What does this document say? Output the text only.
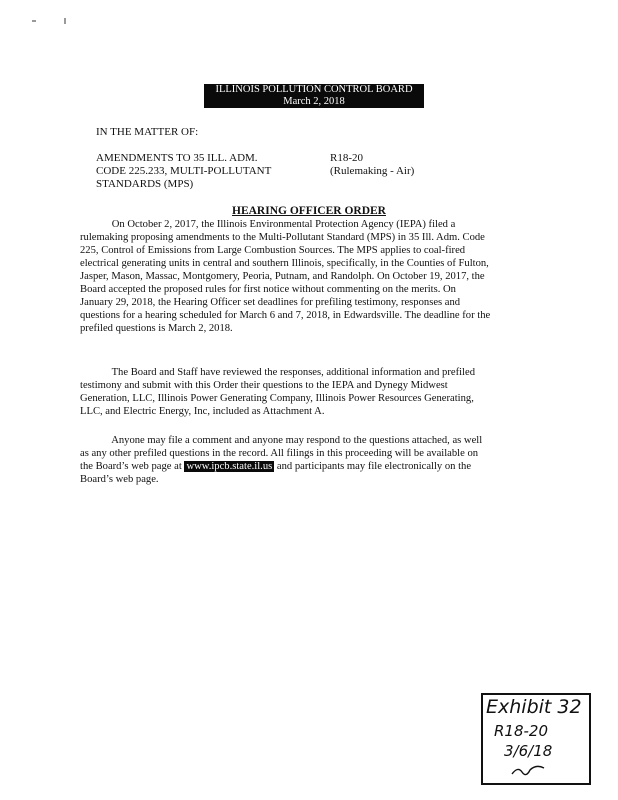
ILLINOIS POLLUTION CONTROL BOARD
March 2, 2018
IN THE MATTER OF:
AMENDMENTS TO 35 ILL. ADM.
CODE 225.233, MULTI-POLLUTANT
STANDARDS (MPS)
R18-20
(Rulemaking - Air)
HEARING OFFICER ORDER
On October 2, 2017, the Illinois Environmental Protection Agency (IEPA) filed a
rulemaking proposing amendments to the Multi-Pollutant Standard (MPS) in 35 Ill. Adm. Code
225, Control of Emissions from Large Combustion Sources. The MPS applies to coal-fired
electrical generating units in central and southern Illinois, specifically, in the Counties of Fulton,
Jasper, Mason, Massac, Montgomery, Peoria, Putnam, and Randolph. On October 19, 2017, the
Board accepted the proposed rules for first notice without commenting on the merits. On
January 29, 2018, the Hearing Officer set deadlines for prefiling testimony, responses and
questions for a hearing scheduled for March 6 and 7, 2018, in Edwardsville. The deadline for the
prefiled questions is March 2, 2018.
The Board and Staff have reviewed the responses, additional information and prefiled
testimony and submit with this Order their questions to the IEPA and Dynegy Midwest
Generation, LLC, Illinois Power Generating Company, Illinois Power Resources Generating,
LLC, and Electric Energy, Inc, included as Attachment A.
Anyone may file a comment and anyone may respond to the questions attached, as well
as any other prefiled questions in the record. All filings in this proceeding will be available on
the Board’s web page at www.ipcb.state.il.us and participants may file electronically on the
Board’s web page.
Exhibit 32
R18-20
3/6/18
